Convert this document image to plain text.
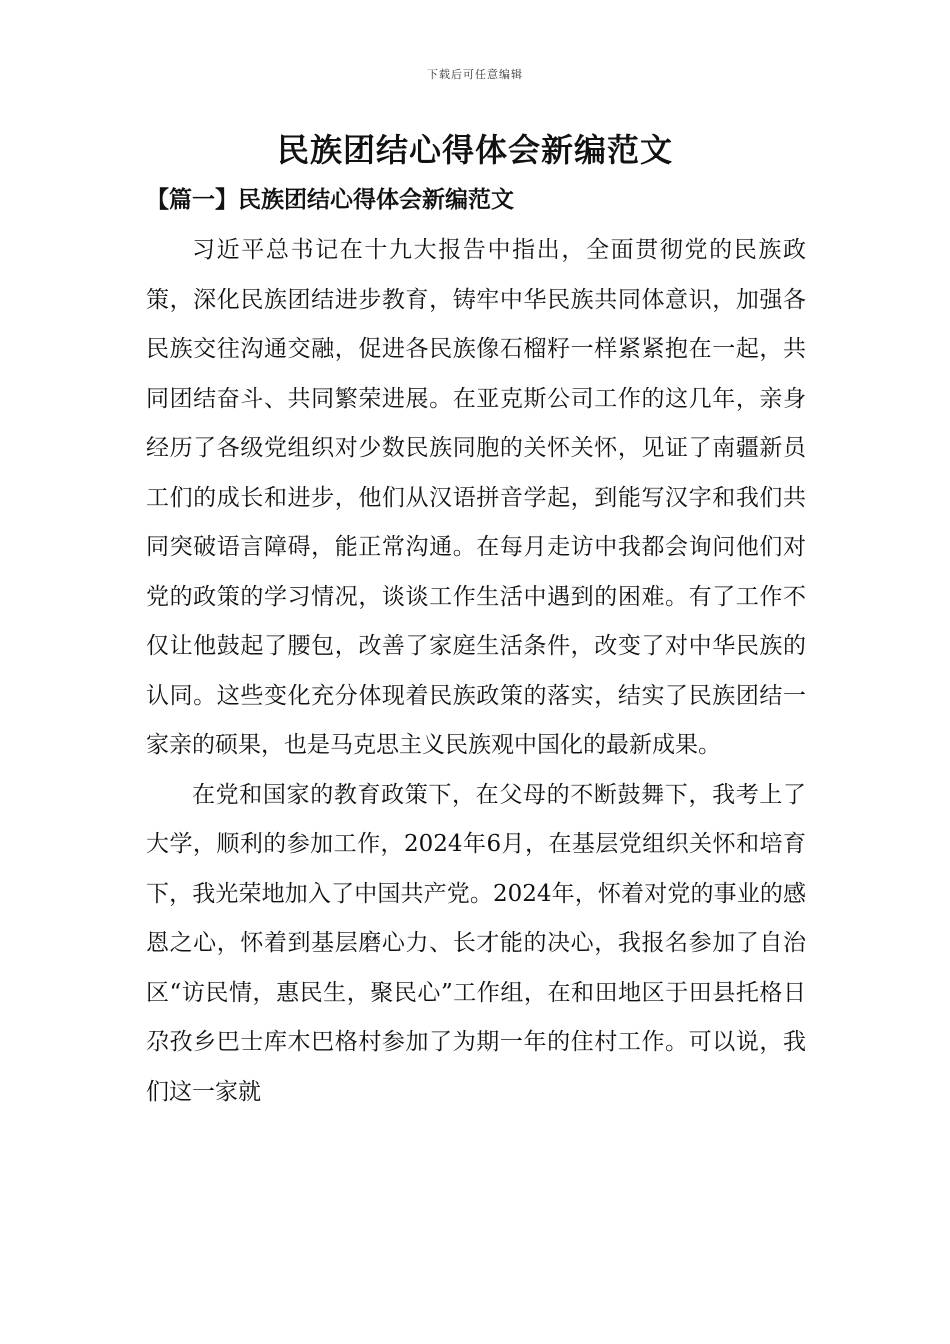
下载后可任意编辑
民族团结心得体会新编范文
【篇一】民族团结心得体会新编范文

习近平总书记在十九大报告中指出，全面贯彻党的民族政策，深化民族团结进步教育，铸牢中华民族共同体意识，加强各民族交往沟通交融，促进各民族像石榴籽一样紧紧抱在一起，共同团结奋斗、共同繁荣进展。在亚克斯公司工作的这几年，亲身经历了各级党组织对少数民族同胞的关怀关怀，见证了南疆新员工们的成长和进步，他们从汉语拼音学起，到能写汉字和我们共同突破语言障碍，能正常沟通。在每月走访中我都会询问他们对党的政策的学习情况，谈谈工作生活中遇到的困难。有了工作不仅让他鼓起了腰包，改善了家庭生活条件，改变了对中华民族的认同。这些变化充分体现着民族政策的落实，结实了民族团结一家亲的硕果，也是马克思主义民族观中国化的最新成果。

在党和国家的教育政策下，在父母的不断鼓舞下，我考上了大学，顺利的参加工作，2024年6月，在基层党组织关怀和培育下，我光荣地加入了中国共产党。2024年，怀着对党的事业的感恩之心，怀着到基层磨心力、长才能的决心，我报名参加了自治区“访民情，惠民生，聚民心”工作组，在和田地区于田县托格日尕孜乡巴士库木巴格村参加了为期一年的住村工作。可以说，我们这一家就
